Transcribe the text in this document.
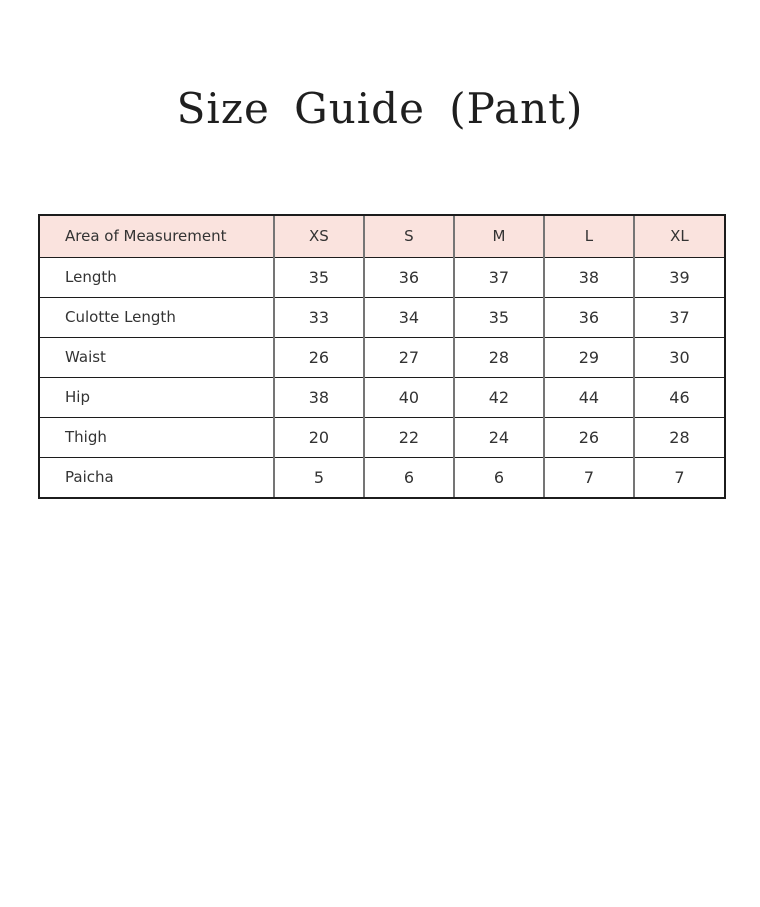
Size Guide (Pant)
Area of Measurement	XS	S	M	L	XL
Length	35	36	37	38	39
Culotte Length	33	34	35	36	37
Waist	26	27	28	29	30
Hip	38	40	42	44	46
Thigh	20	22	24	26	28
Paicha	5	6	6	7	7
